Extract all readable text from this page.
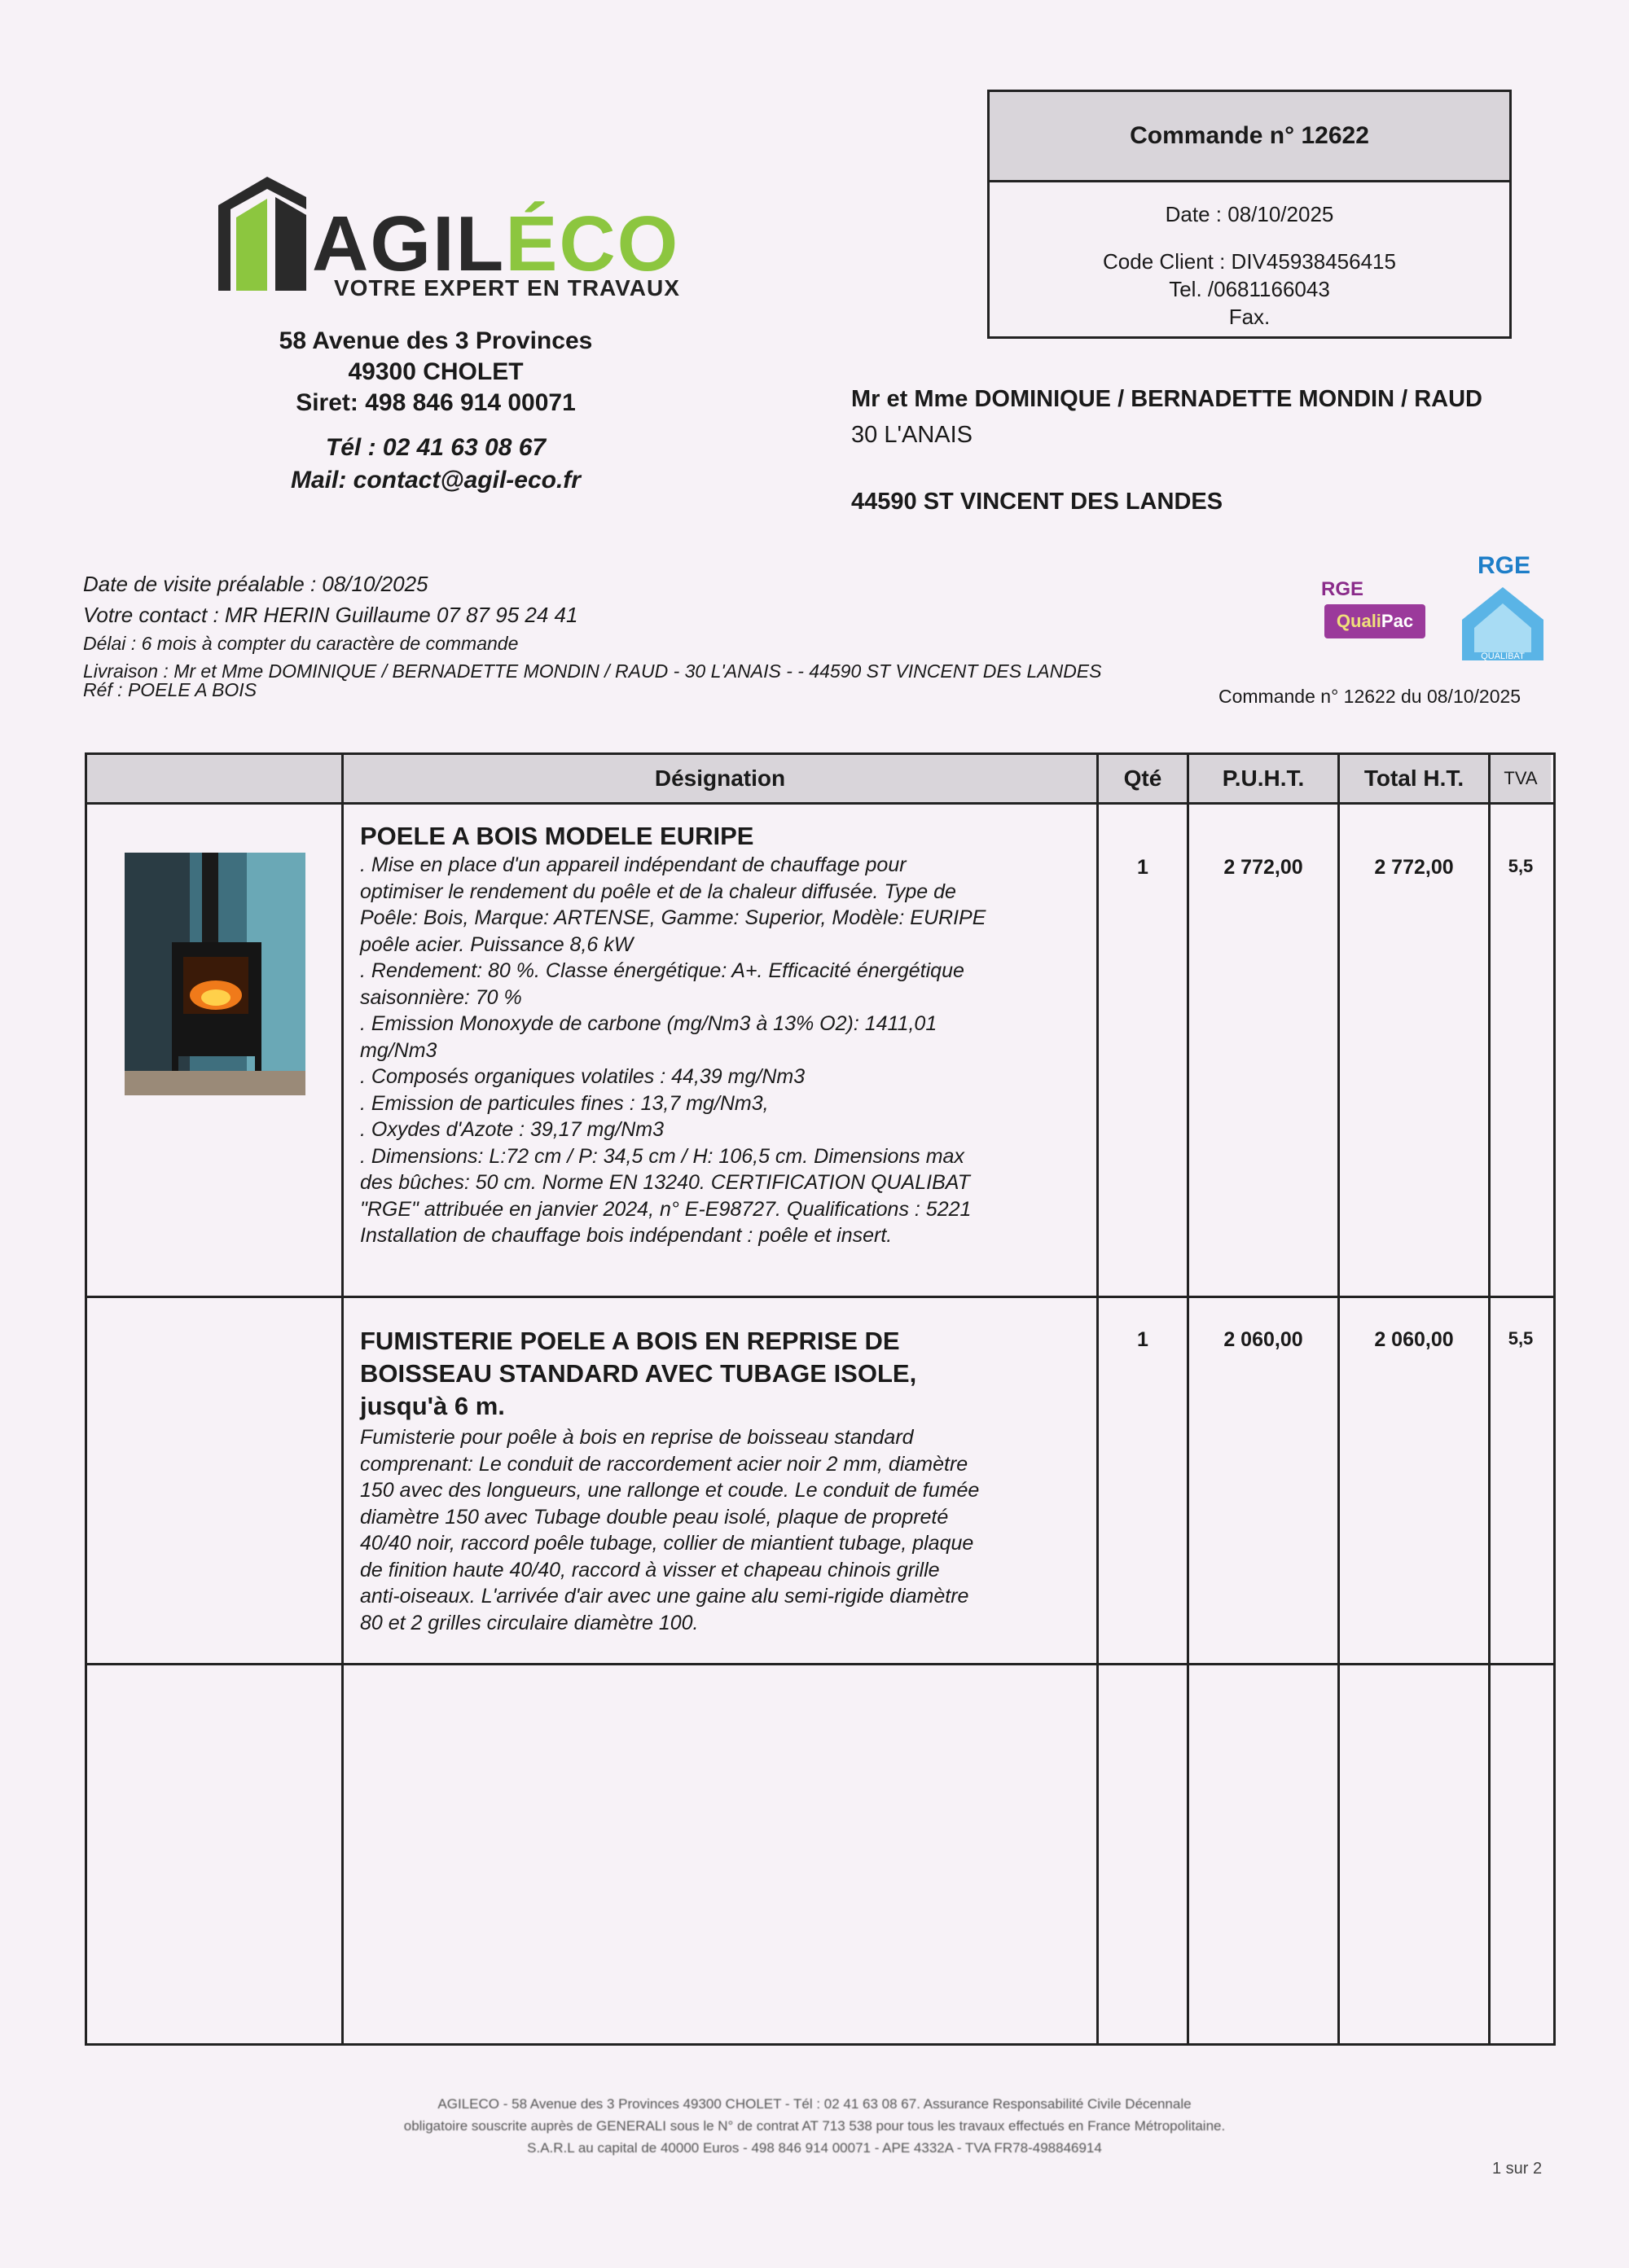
AGILÉCO
VOTRE EXPERT EN TRAVAUX
58 Avenue des 3 Provinces
49300 CHOLET
Siret: 498 846 914 00071
Tél : 02 41 63 08 67
Mail: contact@agil-eco.fr
Commande n° 12622
Date : 08/10/2025
Code Client : DIV45938456415
Tel. /0681166043
Fax.
Mr et Mme DOMINIQUE / BERNADETTE MONDIN / RAUD
30 L'ANAIS
44590 ST VINCENT DES LANDES
Date de visite préalable : 08/10/2025
Votre contact : MR HERIN Guillaume 07 87 95 24 41
Délai : 6 mois à compter du caractère de commande
Livraison : Mr et Mme DOMINIQUE / BERNADETTE MONDIN / RAUD - 30 L'ANAIS - - 44590 ST VINCENT DES LANDES
Réf : POELE A BOIS	Commande n° 12622 du 08/10/2025
RGE
Quali Pac
RGE
QUALIBAT
Désignation	Qté	P.U.H.T.	Total H.T.	TVA
POELE A BOIS MODELE EURIPE
. Mise en place d'un appareil indépendant de chauffage pour
optimiser le rendement du poêle et de la chaleur diffusée. Type de
Poêle: Bois, Marque: ARTENSE, Gamme: Superior, Modèle: EURIPE
poêle acier. Puissance 8,6 kW
. Rendement: 80 %. Classe énergétique: A+. Efficacité énergétique
saisonnière: 70 %
. Emission Monoxyde de carbone (mg/Nm3 à 13% O2): 1411,01
mg/Nm3
. Composés organiques volatiles : 44,39 mg/Nm3
. Emission de particules fines : 13,7 mg/Nm3,
. Oxydes d'Azote : 39,17 mg/Nm3
. Dimensions: L:72 cm / P: 34,5 cm / H: 106,5 cm. Dimensions max
des bûches: 50 cm. Norme EN 13240. CERTIFICATION QUALIBAT
"RGE" attribuée en janvier 2024, n° E-E98727. Qualifications : 5221
Installation de chauffage bois indépendant : poêle et insert.
1	2 772,00	2 772,00	5,5
FUMISTERIE POELE A BOIS EN REPRISE DE
BOISSEAU STANDARD AVEC TUBAGE ISOLE,
jusqu'à 6 m.
Fumisterie pour poêle à bois en reprise de boisseau standard
comprenant: Le conduit de raccordement acier noir 2 mm, diamètre
150 avec des longueurs, une rallonge et coude. Le conduit de fumée
diamètre 150 avec Tubage double peau isolé, plaque de propreté
40/40 noir, raccord poêle tubage, collier de miantient tubage, plaque
de finition haute 40/40, raccord à visser et chapeau chinois grille
anti-oiseaux. L'arrivée d'air avec une gaine alu semi-rigide diamètre
80 et 2 grilles circulaire diamètre 100.
1	2 060,00	2 060,00	5,5
AGILECO - 58 Avenue des 3 Provinces 49300 CHOLET - Tél : 02 41 63 08 67. Assurance Responsabilité Civile Décennale
obligatoire souscrite auprès de GENERALI sous le N° de contrat AT 713 538 pour tous les travaux effectués en France Métropolitaine.
S.A.R.L au capital de 40000 Euros - 498 846 914 00071 - APE 4332A - TVA FR78-498846914
1 sur 2
